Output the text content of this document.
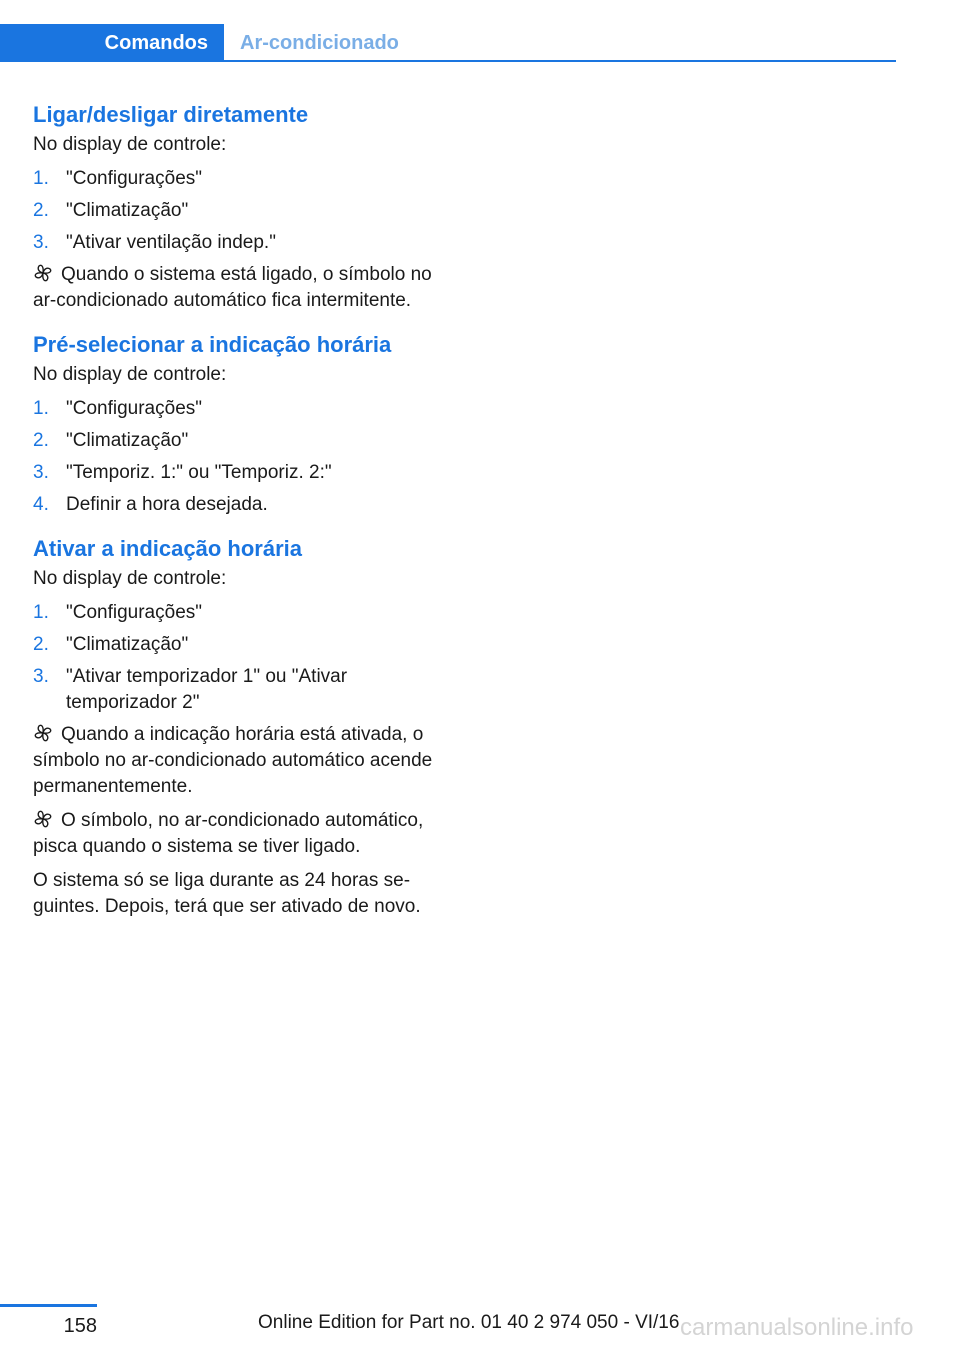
Comandos Ar-condicionado
Ligar/desligar diretamente

No display de controle:

1. "Configurações"
2. "Climatização"
3. "Ativar ventilação indep."

Quando o sistema está ligado, o símbolo no ar-condicionado automático fica intermitente.

Pré-selecionar a indicação horária

No display de controle:

1. "Configurações"
2. "Climatização"
3. "Temporiz. 1:" ou "Temporiz. 2:"
4. Definir a hora desejada.
Ativar a indicação horária

No display de controle:

1. "Configurações"
2. "Climatização"
3. "Ativar temporizador 1" ou "Ativar temporizador 2"

Quando a indicação horária está ativada, o símbolo no ar-condicionado automático acende permanentemente.

O símbolo, no ar-condicionado automático, pisca quando o sistema se tiver ligado.

O sistema só se liga durante as 24 horas se-guintes. Depois, terá que ser ativado de novo.

158	Online Edition for Part no. 01 40 2 974 050 - VI/16 carmanualsonline.info
